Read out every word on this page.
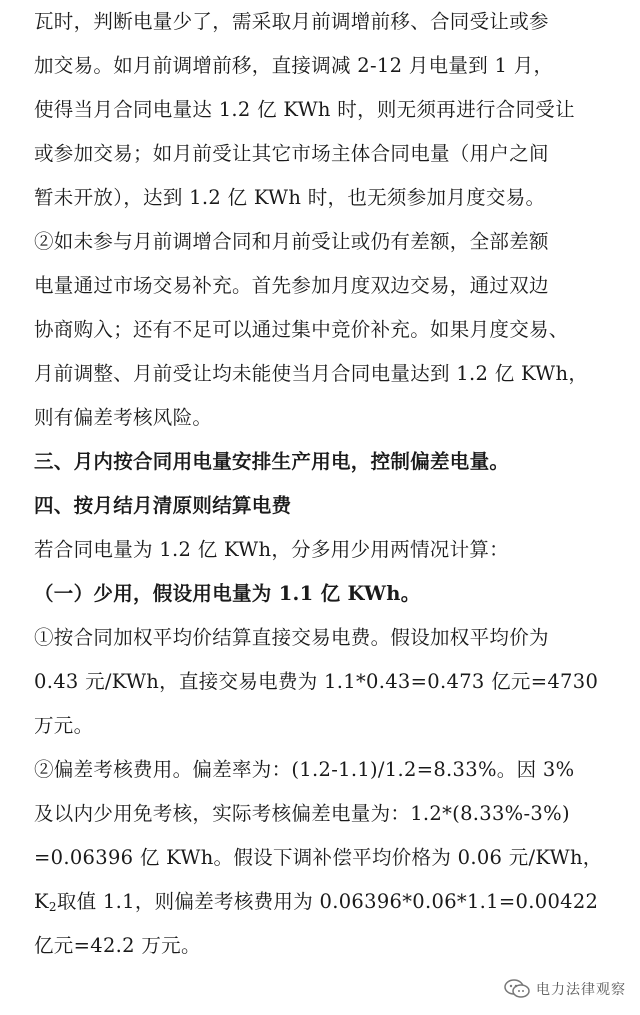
瓦时，判断电量少了，需采取月前调增前移、合同受让或参
加交易。如月前调增前移，直接调减 2-12 月电量到 1 月，
使得当月合同电量达 1.2 亿 KWh 时，则无须再进行合同受让
或参加交易；如月前受让其它市场主体合同电量（用户之间
暂未开放），达到 1.2 亿 KWh 时，也无须参加月度交易。
②如未参与月前调增合同和月前受让或仍有差额，全部差额
电量通过市场交易补充。首先参加月度双边交易，通过双边
协商购入；还有不足可以通过集中竞价补充。如果月度交易、
月前调整、月前受让均未能使当月合同电量达到 1.2 亿 KWh，
则有偏差考核风险。
三、月内按合同用电量安排生产用电，控制偏差电量。
四、按月结月清原则结算电费
若合同电量为 1.2 亿 KWh，分多用少用两情况计算：
（一）少用，假设用电量为 1.1 亿 KWh。
①按合同加权平均价结算直接交易电费。假设加权平均价为
0.43 元/KWh，直接交易电费为 1.1*0.43=0.473 亿元=4730
万元。
②偏差考核费用。偏差率为：(1.2-1.1)/1.2=8.33%。因 3%
及以内少用免考核，实际考核偏差电量为：1.2*(8.33%-3%)
=0.06396 亿 KWh。假设下调补偿平均价格为 0.06 元/KWh，
$K_2$取值 1.1，则偏差考核费用为 0.06396*0.06*1.1=0.00422
亿元=42.2 万元。
电力法律观察
